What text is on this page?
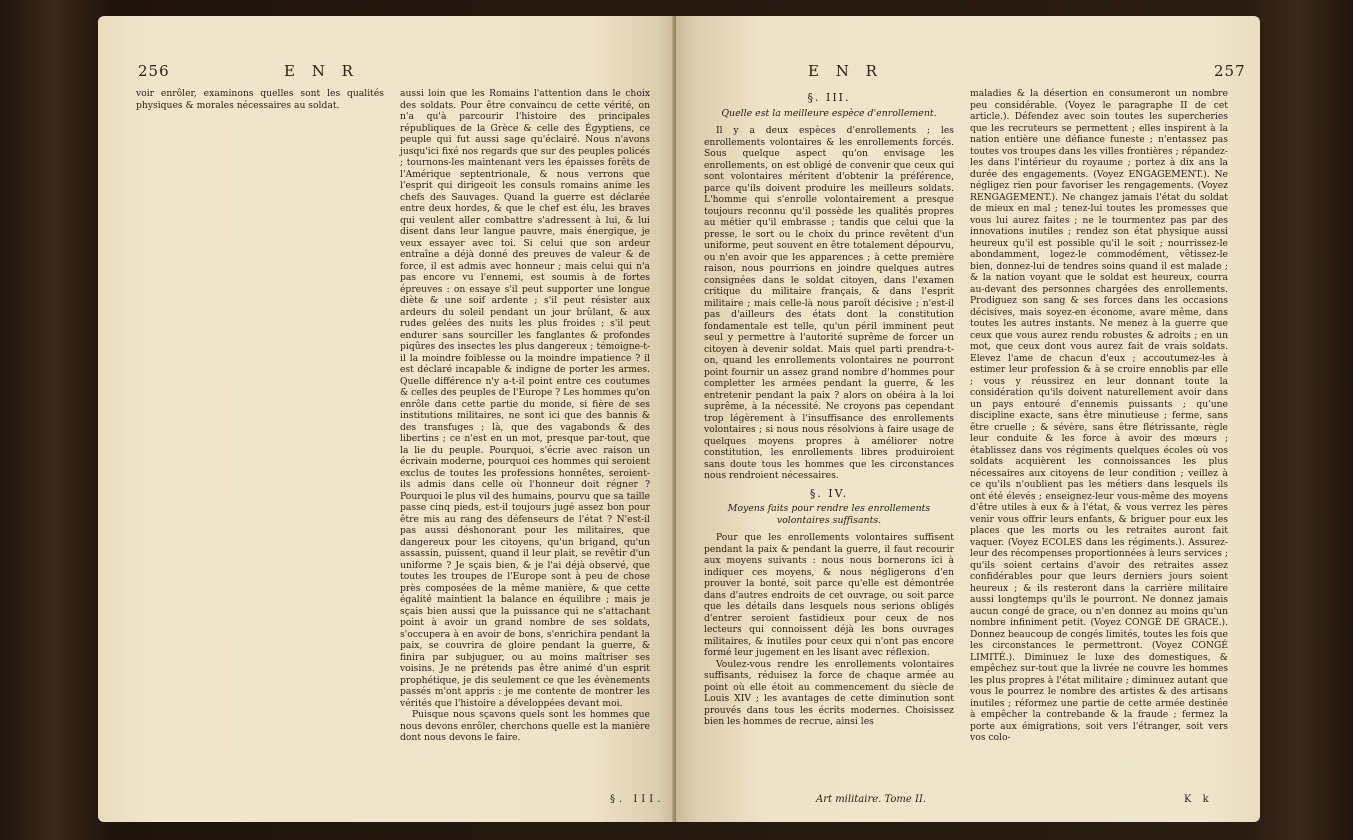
256	E N R

voir enrôler, examinons quelles sont les qualités physiques & morales nécessaires au soldat.

aussi loin que les Romains l'attention dans le choix des soldats. Pour être convaincu de cette vérité, on n'a qu'à parcourir l'histoire des principales républiques de la Grèce & celle des Égyptiens, ce peuple qui fut aussi sage qu'éclairé. Nous n'avons jusqu'ici fixé nos regards que sur des peuples policés ; tournons-les maintenant vers les épaisses forêts de l'Amérique septentrionale, & nous verrons que l'esprit qui dirigeoit les consuls romains anime les chefs des Sauvages. Quand la guerre est déclarée entre deux hordes, & que le chef est élu, les braves qui veulent aller combattre s'adressent à lui, & lui disent dans leur langue pauvre, mais énergique, je veux essayer avec toi. Si celui que son ardeur entraîne a déjà donné des preuves de valeur & de force, il est admis avec honneur ; mais celui qui n'a pas encore vu l'ennemi, est soumis à de fortes épreuves : on essaye s'il peut supporter une longue diète & une soif ardente ; s'il peut résister aux ardeurs du soleil pendant un jour brûlant, & aux rudes gelées des nuits les plus froides ; s'il peut endurer sans sourciller les fanglantes & profondes piqûres des insectes les plus dangereux ; témoigne-t-il la moindre foiblesse ou la moindre impatience ? il est déclaré incapable & indigne de porter les armes. Quelle différence n'y a-t-il point entre ces coutumes & celles des peuples de l'Europe ? Les hommes qu'on enrôle dans cette partie du monde, si fière de ses institutions militaires, ne sont ici que des bannis & des transfuges ; là, que des vagabonds & des libertins ; ce n'est en un mot, presque par-tout, que la lie du peuple. Pourquoi, s'écrie avec raison un écrivain moderne, pourquoi ces hommes qui seroient exclus de toutes les professions honnêtes, seroient-ils admis dans celle où l'honneur doit régner ? Pourquoi le plus vil des humains, pourvu que sa taille passe cinq pieds, est-il toujours jugé assez bon pour être mis au rang des défenseurs de l'état ? N'est-il pas aussi déshonorant pour les militaires, que dangereux pour les citoyens, qu'un brigand, qu'un assassin, puissent, quand il leur plait, se revêtir d'un uniforme ? Je sçais bien, & je l'ai déjà observé, que toutes les troupes de l'Europe sont à peu de chose près composées de la même manière, & que cette égalité maintient la balance en équilibre ; mais je sçais bien aussi que la puissance qui ne s'attachant point à avoir un grand nombre de ses soldats, s'occupera à en avoir de bons, s'enrichira pendant la paix, se couvrira de gloire pendant la guerre, & finira par subjuguer, ou au moins maîtriser ses voisins. Je ne prétends pas être animé d'un esprit prophétique, je dis seulement ce que les évènements passés m'ont appris : je me contente de montrer les vérités que l'histoire a développées devant moi.

Puisque nous sçavons quels sont les hommes que nous devons enrôler, cherchons quelle est la manière dont nous devons le faire.

§. III.
E N R	257

§. III.

Quelle est la meilleure espèce d'enrollement.

Il y a deux espèces d'enrollements ; les enrollements volontaires & les enrollements forcés. Sous quelque aspect qu'on envisage les enrollements, on est obligé de convenir que ceux qui sont volontaires méritent d'obtenir la préférence, parce qu'ils doivent produire les meilleurs soldats. L'homme qui s'enrolle volontairement a presque toujours reconnu qu'il possède les qualités propres au métier qu'il embrasse ; tandis que celui que la presse, le sort ou le choix du prince revêtent d'un uniforme, peut souvent en être totalement dépourvu, ou n'en avoir que les apparences ; à cette première raison, nous pourrions en joindre quelques autres consignées dans le soldat citoyen, dans l'examen critique du militaire français, & dans l'esprit militaire ; mais celle-là nous paroît décisive ; n'est-il pas d'ailleurs des états dont la constitution fondamentale est telle, qu'un péril imminent peut seul y permettre à l'autorité suprême de forcer un citoyen à devenir soldat. Mais quel parti prendra-t-on, quand les enrollements volontaires ne pourront point fournir un assez grand nombre d'hommes pour completter les armées pendant la guerre, & les entretenir pendant la paix ? alors on obéira à la loi suprême, à la nécessité. Ne croyons pas cependant trop légèrement à l'insuffisance des enrollements volontaires ; si nous nous résolvions à faire usage de quelques moyens propres à améliorer notre constitution, les enrollements libres produiroient sans doute tous les hommes que les circonstances nous rendroient nécessaires.

§. IV.

Moyens faits pour rendre les enrollements volontaires suffisants.

Pour que les enrollements volontaires suffisent pendant la paix & pendant la guerre, il faut recourir aux moyens suivants : nous nous bornerons ici à indiquer ces moyens, & nous négligerons d'en prouver la bonté, soit parce qu'elle est démontrée dans d'autres endroits de cet ouvrage, ou soit parce que les détails dans lesquels nous serions obligés d'entrer seroient fastidieux pour ceux de nos lecteurs qui connoissent déjà les bons ouvrages militaires, & inutiles pour ceux qui n'ont pas encore formé leur jugement en les lisant avec réflexion.

Voulez-vous rendre les enrollements volontaires suffisants, réduisez la force de chaque armée au point où elle étoit au commencement du siècle de Louis XIV ; les avantages de cette diminution sont prouvés dans tous les écrits modernes. Choisissez bien les hommes de recrue, ainsi les

maladies & la désertion en consumeront un nombre peu considérable. (Voyez le paragraphe II de cet article.). Défendez avec soin toutes les supercheries que les recruteurs se permettent ; elles inspirent à la nation entière une défiance funeste ; n'entassez pas toutes vos troupes dans les villes frontières ; répandez-les dans l'intérieur du royaume ; portez à dix ans la durée des engagements. (Voyez ENGAGEMENT.). Ne négligez rien pour favoriser les rengagements. (Voyez RENGAGEMENT.). Ne changez jamais l'état du soldat de mieux en mal ; tenez-lui toutes les promesses que vous lui aurez faites ; ne le tourmentez pas par des innovations inutiles ; rendez son état physique aussi heureux qu'il est possible qu'il le soit ; nourrissez-le abondamment, logez-le commodément, vêtissez-le bien, donnez-lui de tendres soins quand il est malade ; & la nation voyant que le soldat est heureux, courra au-devant des personnes chargées des enrollements. Prodiguez son sang & ses forces dans les occasions décisives, mais soyez-en économe, avare même, dans toutes les autres instants. Ne menez à la guerre que ceux que vous aurez rendu robustes & adroits ; en un mot, que ceux dont vous aurez fait de vrais soldats. Elevez l'ame de chacun d'eux ; accoutumez-les à estimer leur profession & à se croire ennoblis par elle ; vous y réussirez en leur donnant toute la considération qu'ils doivent naturellement avoir dans un pays entouré d'ennemis puissants ; qu'une discipline exacte, sans être minutieuse ; ferme, sans être cruelle ; & sévère, sans être flétrissante, règle leur conduite & les force à avoir des mœurs ; établissez dans vos régiments quelques écoles où vos soldats acquièrent les connoissances les plus nécessaires aux citoyens de leur condition ; veillez à ce qu'ils n'oublient pas les métiers dans lesquels ils ont été élevés ; enseignez-leur vous-même des moyens d'être utiles à eux & à l'état, & vous verrez les pères venir vous offrir leurs enfants, & briguer pour eux les places que les morts ou les retraites auront fait vaquer. (Voyez ECOLES dans les régiments.). Assurez-leur des récompenses proportionnées à leurs services ; qu'ils soient certains d'avoir des retraites assez confidérables pour que leurs derniers jours soient heureux ; & ils resteront dans la carrière militaire aussi longtemps qu'ils le pourront. Ne donnez jamais aucun congé de grace, ou n'en donnez au moins qu'un nombre infiniment petit. (Voyez CONGÉ DE GRACE.). Donnez beaucoup de congés limités, toutes les fois que les circonstances le permettront. (Voyez CONGÉ LIMITÉ.). Diminuez le luxe des domestiques, & empêchez sur-tout que la livrée ne couvre les hommes les plus propres à l'état militaire ; diminuez autant que vous le pourrez le nombre des artistes & des artisans inutiles ; réformez une partie de cette armée destinée à empêcher la contrebande & la fraude ; fermez la porte aux émigrations, soit vers l'étranger, soit vers vos colo-

Art militaire. Tome II.	K k
